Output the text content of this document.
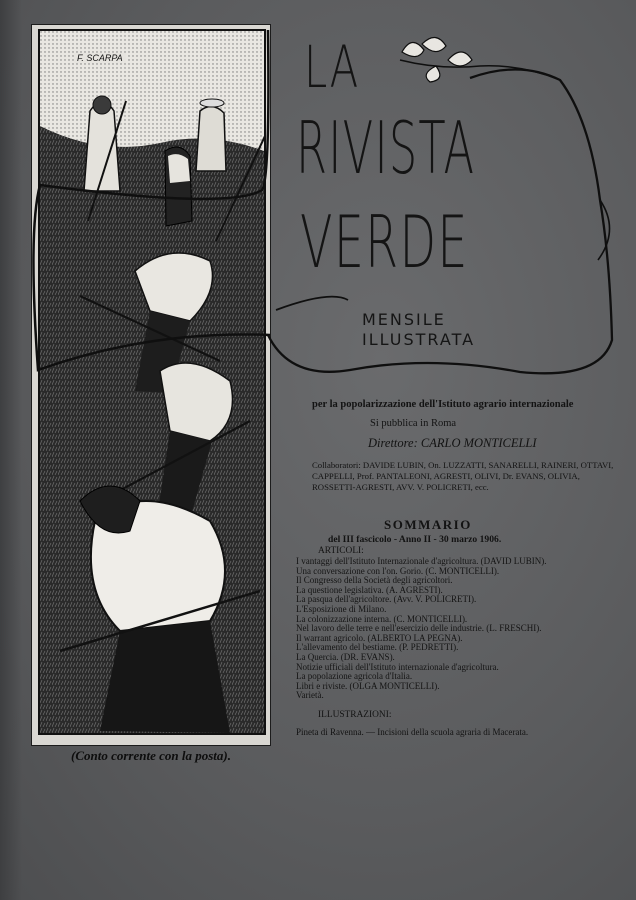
F. SCARPA
(Conto corrente con la posta).
LA
RIVISTA
VERDE
MENSILE
ILLUSTRATA
per la popolarizzazione dell'Istituto agrario internazionale
Si pubblica in Roma
Direttore: CARLO MONTICELLI
Collaboratori: DAVIDE LUBIN, On. LUZZATTI, SANARELLI, RAINERI, OTTAVI, CAPPELLI, Prof. PANTALEONI, AGRESTI, OLIVI, Dr. EVANS, OLIVIA, ROSSETTI-AGRESTI, AVV. V. POLICRETI, ecc.
SOMMARIO
del III fascicolo - Anno II - 30 marzo 1906.
ARTICOLI:
I vantaggi dell'Istituto Internazionale d'agricoltura. (DAVID LUBIN).
Una conversazione con l'on. Gorio. (C. MONTICELLI).
Il Congresso della Società degli agricoltori.
La questione legislativa. (A. AGRESTI).
La pasqua dell'agricoltore. (Avv. V. POLICRETI).
L'Esposizione di Milano.
La colonizzazione interna. (C. MONTICELLI).
Nel lavoro delle terre e nell'esercizio delle industrie. (L. FRESCHI).
Il warrant agricolo. (ALBERTO LA PEGNA).
L'allevamento del bestiame. (P. PEDRETTI).
La Quercia. (DR. EVANS).
Notizie ufficiali dell'Istituto internazionale d'agricoltura.
La popolazione agricola d'Italia.
Libri e riviste. (OLGA MONTICELLI).
Varietà.
ILLUSTRAZIONI:
Pineta di Ravenna. — Incisioni della scuola agraria di Macerata.
